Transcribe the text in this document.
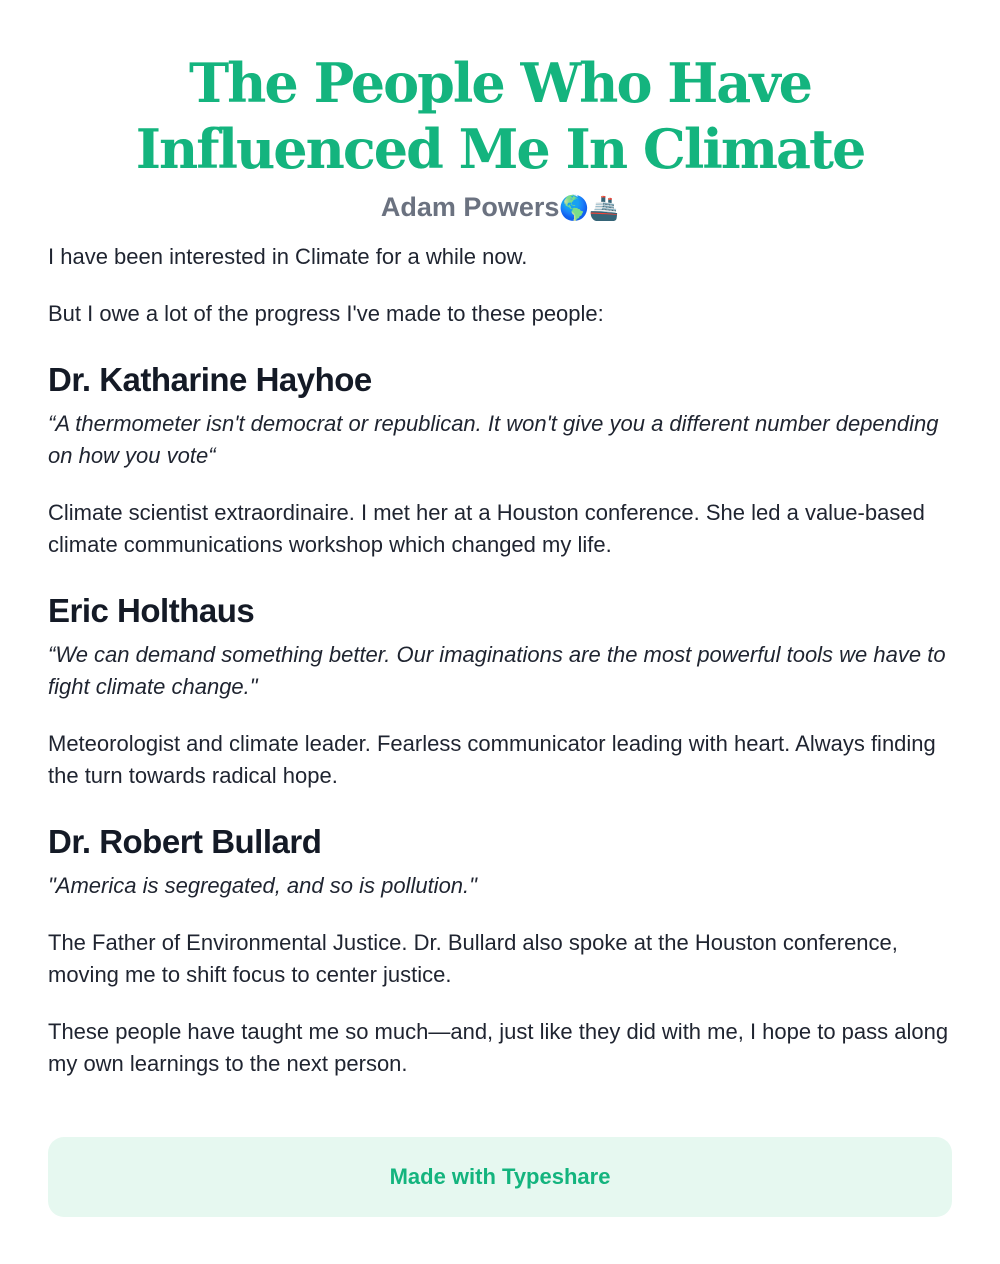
The People Who Have Influenced Me In Climate
Adam Powers🌎🚢

I have been interested in Climate for a while now.

But I owe a lot of the progress I've made to these people:

Dr. Katharine Hayhoe

“A thermometer isn't democrat or republican. It won't give you a different number depending on how you vote“

Climate scientist extraordinaire. I met her at a Houston conference. She led a value-based climate communications workshop which changed my life.

Eric Holthaus

“We can demand something better. Our imaginations are the most powerful tools we have to fight climate change."

Meteorologist and climate leader. Fearless communicator leading with heart. Always finding the turn towards radical hope.

Dr. Robert Bullard

"America is segregated, and so is pollution."

The Father of Environmental Justice. Dr. Bullard also spoke at the Houston conference, moving me to shift focus to center justice.

These people have taught me so much—and, just like they did with me, I hope to pass along my own learnings to the next person.

Made with Typeshare
